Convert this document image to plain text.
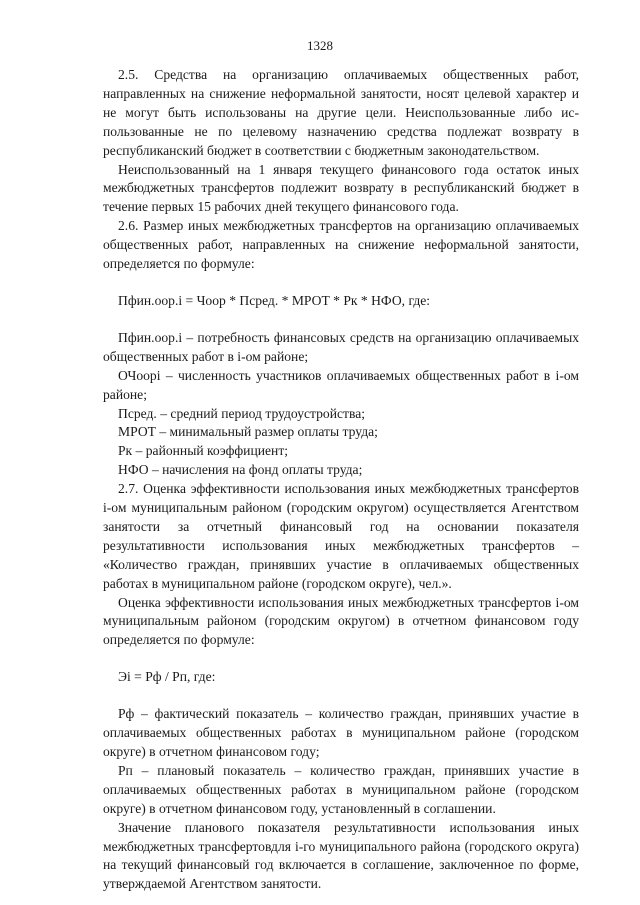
1328

2.5. Средства на организацию оплачиваемых общественных работ, направленных на снижение неформальной занятости, носят целевой характер и не могут быть использованы на другие цели. Неиспользованные либо использованные не по целевому назначению средства подлежат возврату в республиканский бюджет в соответствии с бюджетным законодательством.

Неиспользованный на 1 января текущего финансового года остаток иных межбюджетных трансфертов подлежит возврату в республиканский бюджет в течение первых 15 рабочих дней текущего финансового года.

2.6. Размер иных межбюджетных трансфертов на организацию оплачиваемых общественных работ, направленных на снижение неформальной занятости, определяется по формуле:

Пфин.оор.i = Чоор * Псред. * МРОТ * Рк * НФО, где:

Пфин.оор.i – потребность финансовых средств на организацию оплачиваемых общественных работ в i-ом районе;

ОЧоорi – численность участников оплачиваемых общественных работ в i-ом районе;

Псред. – средний период трудоустройства;

МРОТ – минимальный размер оплаты труда;

Рк – районный коэффициент;

НФО – начисления на фонд оплаты труда;

2.7. Оценка эффективности использования иных межбюджетных трансфертов i-ом муниципальным районом (городским округом) осуществляется Агентством занятости за отчетный финансовый год на основании показателя результативности использования иных межбюджетных трансфертов – «Количество граждан, принявших участие в оплачиваемых общественных работах в муниципальном районе (городском округе), чел.».

Оценка эффективности использования иных межбюджетных трансфертов i-ом муниципальным районом (городским округом) в отчетном финансовом году определяется по формуле:

Эi = Рф / Рп, где:

Рф – фактический показатель – количество граждан, принявших участие в оплачиваемых общественных работах в муниципальном районе (городском округе) в отчетном финансовом году;

Рп – плановый показатель – количество граждан, принявших участие в оплачиваемых общественных работах в муниципальном районе (городском округе) в отчетном финансовом году, установленный в соглашении.

Значение планового показателя результативности использования иных межбюджетных трансфертовдля i-го муниципального района (городского округа) на текущий финансовый год включается в соглашение, заключенное по форме, утверждаемой Агентством занятости.
